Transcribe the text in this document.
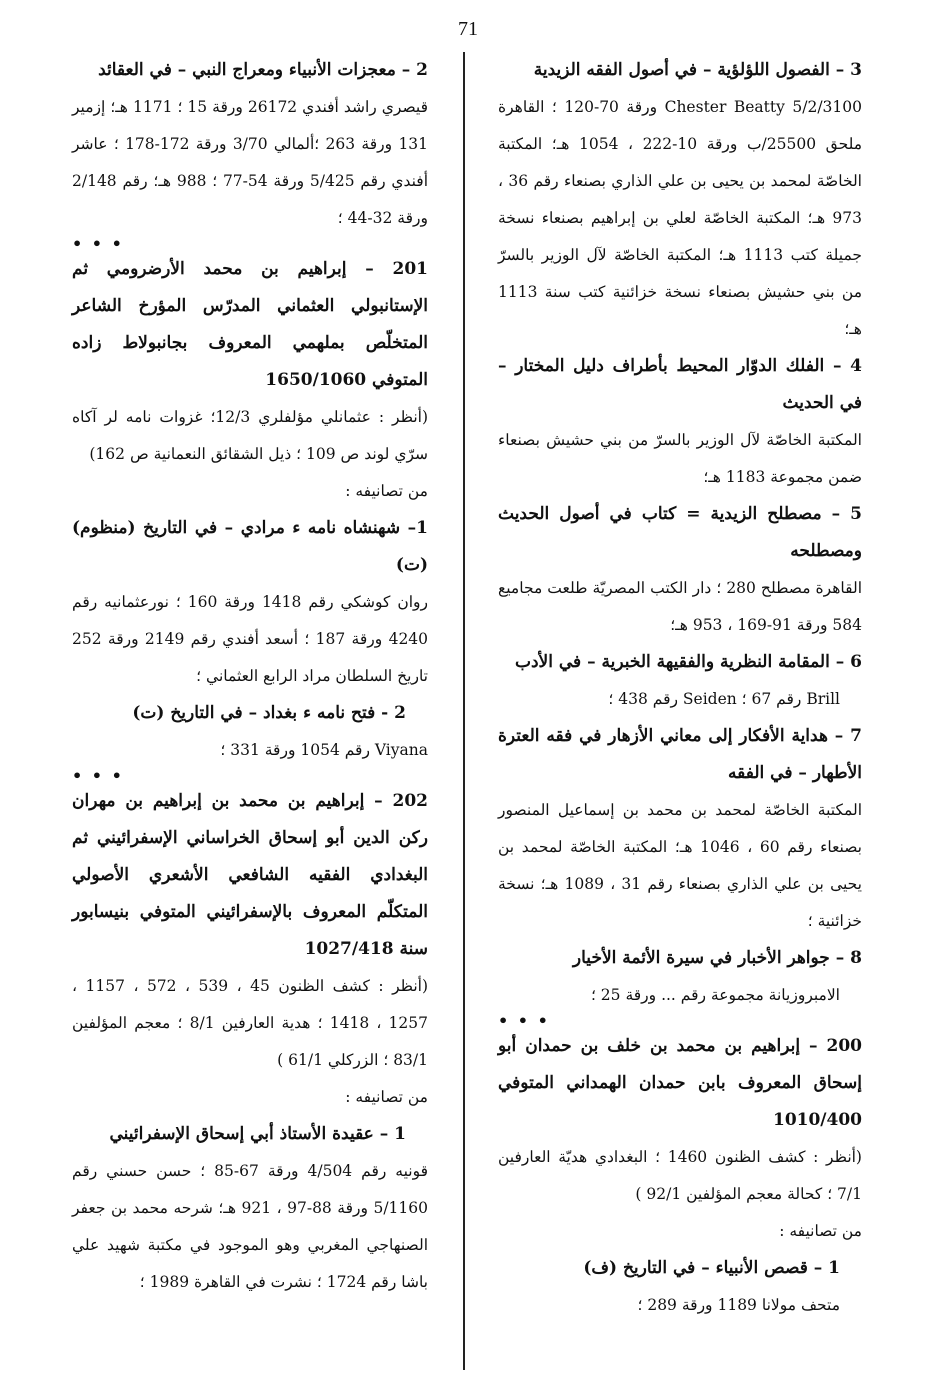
71

3 – الفصول اللؤلؤية – في أصول الفقه الزيدية

5/2/3100 Chester Beatty ورقة 70-120 ؛ القاهرة ملحق 25500/ب ورقة 10-222 ، 1054 هـ؛ المكتبة الخاصّة لمحمد بن يحيى بن علي الذاري بصنعاء رقم 36 ، 973 هـ؛ المكتبة الخاصّة لعلي بن إبراهيم بصنعاء نسخة جميلة كتب 1113 هـ؛ المكتبة الخاصّة لآل الوزير بالسرّ من بني حشيش بصنعاء نسخة خزائنية كتب سنة 1113 هـ؛

4 – الفلك الدوّار المحيط بأطراف دليل المختار – في الحديث

المكتبة الخاصّة لآل الوزير بالسرّ من بني حشيش بصنعاء ضمن مجموعة 1183 هـ؛

5 – مصطلح الزيدية = كتاب في أصول الحديث ومصطلحه

القاهرة مصطلح 280 ؛ دار الكتب المصريّة طلعت مجاميع 584 ورقة 91-169 ، 953 هـ؛

6 – المقامة النظرية والفقيهة الخبرية – في الأدب

Brill رقم 67 ؛ Seiden رقم 438 ؛

7 – هداية الأفكار إلى معاني الأزهار في فقه العترة الأطهار – في الفقه

المكتبة الخاصّة لمحمد بن محمد بن إسماعيل المنصور بصنعاء رقم 60 ، 1046 هـ؛ المكتبة الخاصّة لمحمد بن يحيى بن علي الذاري بصنعاء رقم 31 ، 1089 هـ؛ نسخة خزائنية ؛

8 – جواهر الأخبار في سيرة الأئمة الأخيار

الامبروزيانة مجموعة رقم ... ورقة 25 ؛

• • •

200 – إبراهيم بن محمد بن خلف بن حمدان أبو إسحاق المعروف بابن حمدان الهمداني المتوفي 1010/400

(أنظر : كشف الظنون 1460 ؛ البغدادي هديّة العارفين 7/1 ؛ كحالة معجم المؤلفين 92/1 )

من تصانيفه :

1 – قصص الأنبياء – في التاريخ (ف)

متحف مولانا 1189 ورقة 289 ؛

2 – معجزات الأنبياء ومعراج النبي – في العقائد

قيصري راشد أفندي 26172 ورقة 15 ؛ 1171 هـ؛ إزمير 131 ورقة 263 ؛ألمالي 3/70 ورقة 172-178 ؛ عاشر أفندي رقم 5/425 ورقة 54-77 ؛ 988 هـ؛ رقم 2/148 ورقة 32-44 ؛

• • •

201 – إبراهيم بن محمد الأرضرومي ثم الإستانبولي العثماني المدرّس المؤرخ الشاعر المتخلّص بملهمي المعروف بجانبولاط زاده المتوفي 1650/1060

(أنظر : عثمانلي مؤلفلري 12/3؛ غزوات نامه لر آكاه سرّي لوند ص 109 ؛ ذيل الشقائق النعمانية ص 162)

من تصانيفه :

1– شهنشاه نامه ء مرادي – في التاريخ (منظوم) (ت)

روان كوشكي رقم 1418 ورقة 160 ؛ نورعثمانيه رقم 4240 ورقة 187 ؛ أسعد أفندي رقم 2149 ورقة 252 تاريخ السلطان مراد الرابع العثماني ؛

2 - فتح نامه ء بغداد – في التاريخ (ت)

Viyana رقم 1054 ورقة 331 ؛

• • •

202 – إبراهيم بن محمد بن إبراهيم بن مهران ركن الدين أبو إسحاق الخراساني الإسفرائيني ثم البغدادي الفقيه الشافعي الأشعري الأصولي المتكلّم المعروف بالإسفرائيني المتوفي بنيسابور سنة 1027/418

(أنظر : كشف الظنون 45 ، 539 ، 572 ، 1157 ، 1257 ، 1418 ؛ هدية العارفين 8/1 ؛ معجم المؤلفين 83/1 ؛ الزركلي 61/1 )

من تصانيفه :

1 – عقيدة الأستاذ أبي إسحاق الإسفرائيني

قونيه رقم 4/504 ورقة 67-85 ؛ حسن حسني رقم 5/1160 ورقة 88-97 ، 921 هـ؛ شرحه محمد بن جعفر الصنهاجي المغربي وهو الموجود في مكتبة شهيد علي باشا رقم 1724 ؛ نشرت في القاهرة 1989 ؛
